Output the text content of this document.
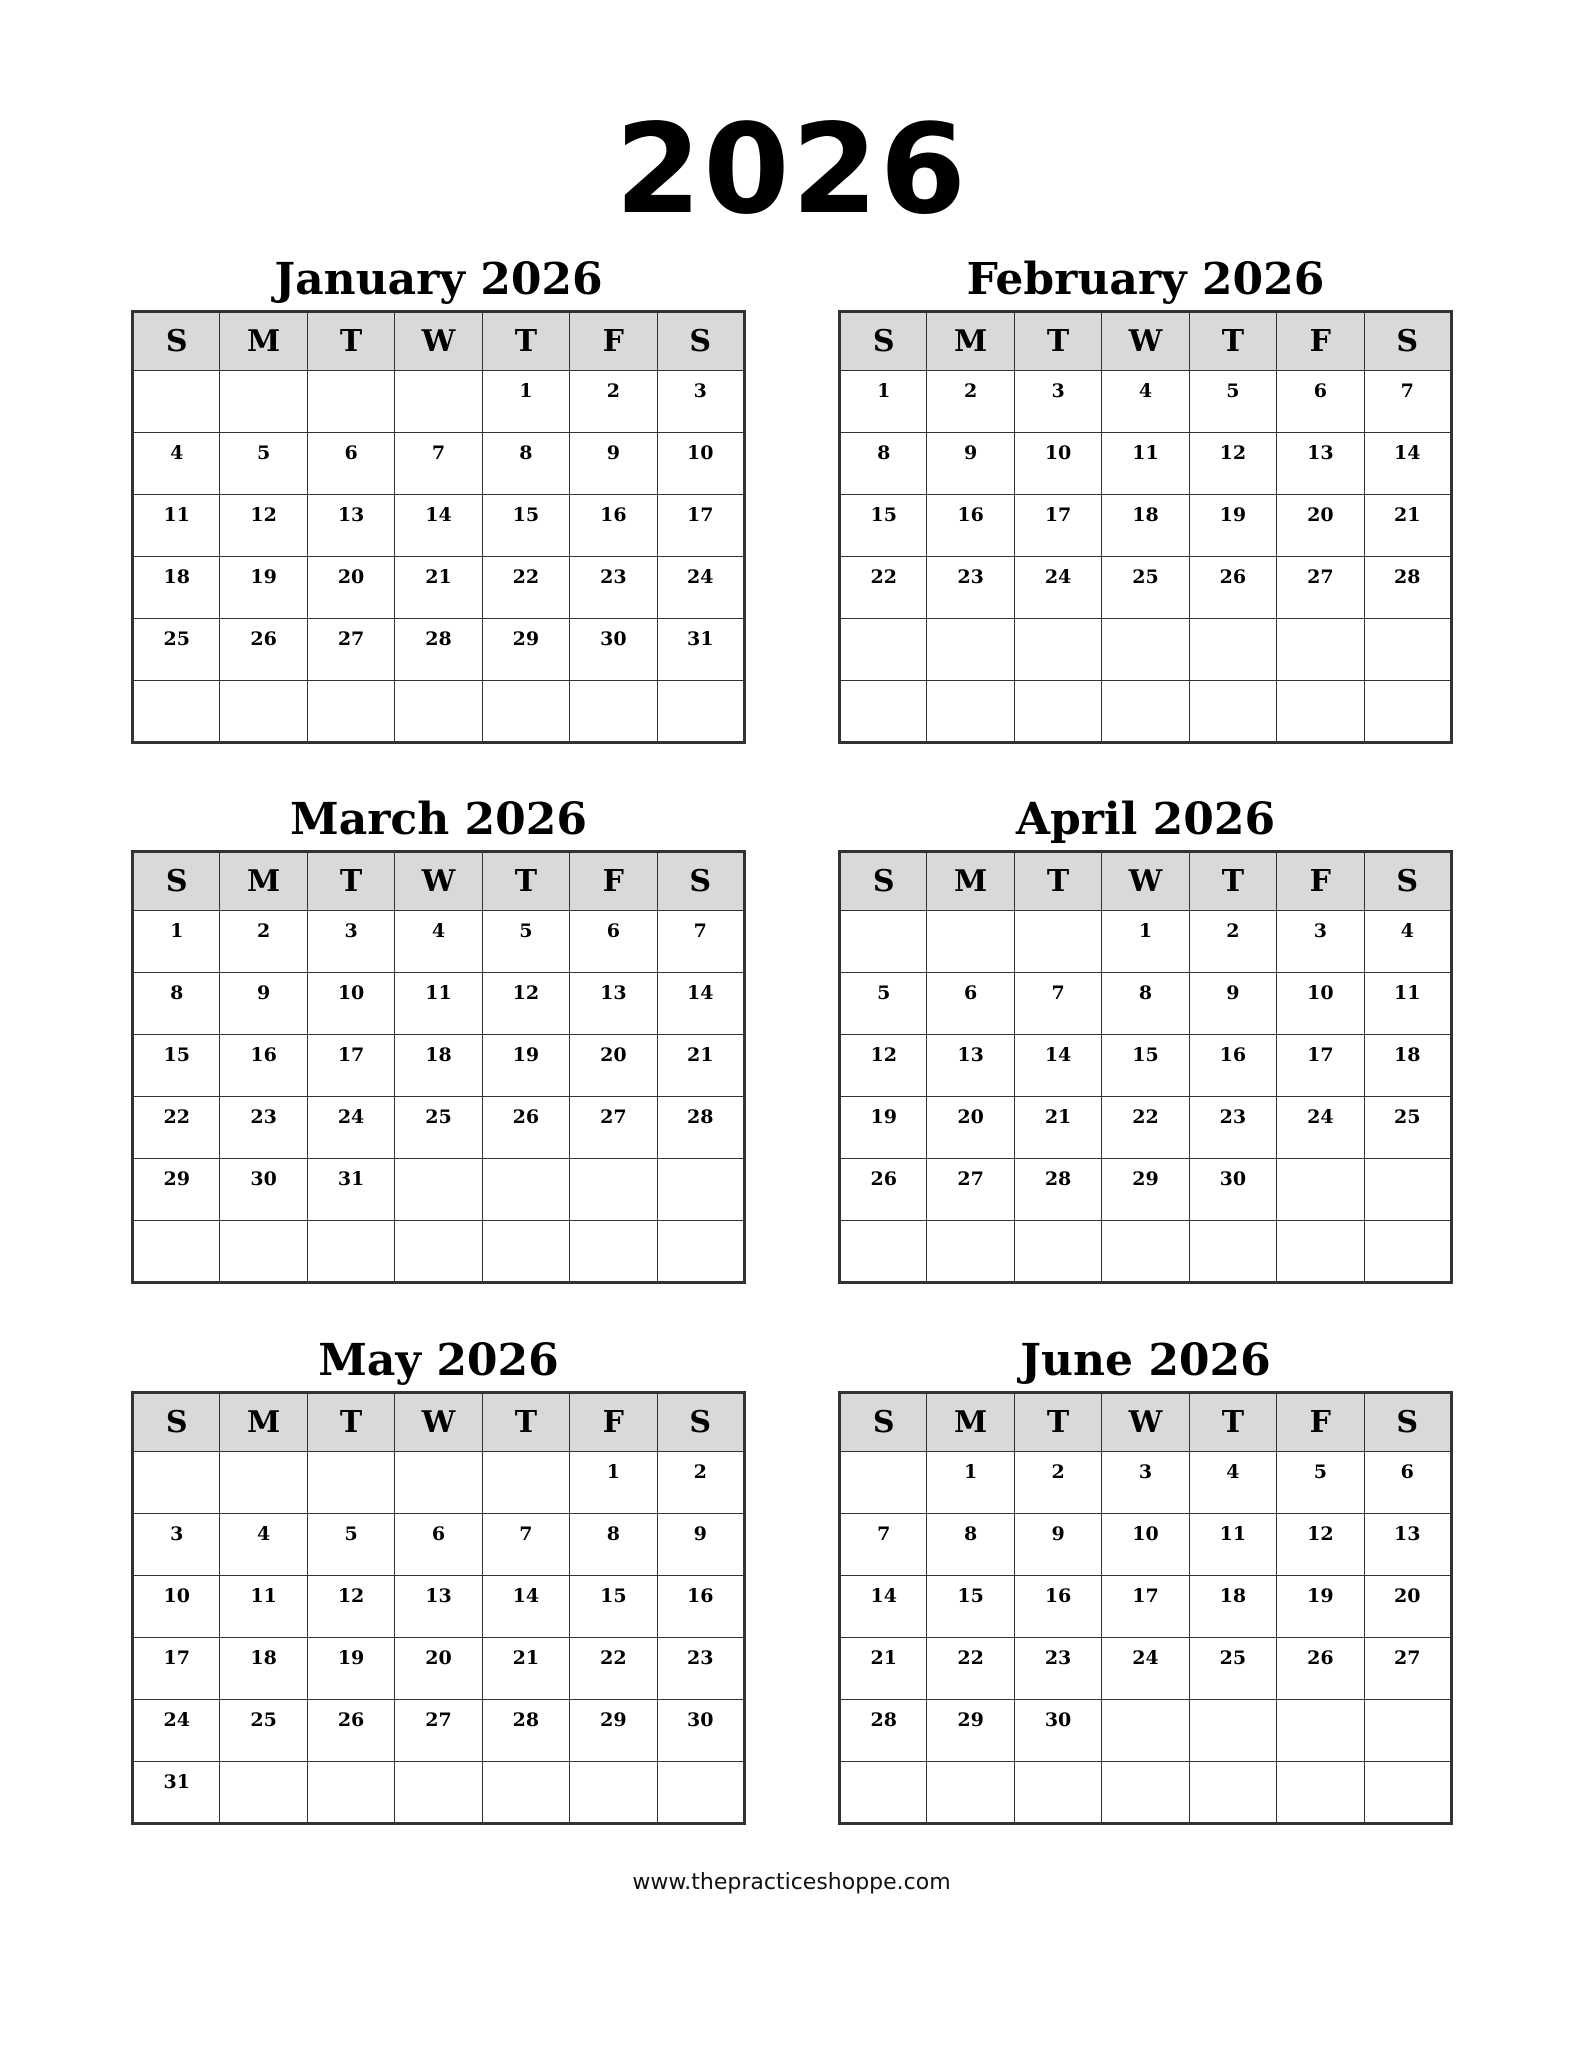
2026
January 2026
S	M	T	W	T	F	S
				1	2	3
4	5	6	7	8	9	10
11	12	13	14	15	16	17
18	19	20	21	22	23	24
25	26	27	28	29	30	31

February 2026
S	M	T	W	T	F	S
1	2	3	4	5	6	7
8	9	10	11	12	13	14
15	16	17	18	19	20	21
22	23	24	25	26	27	28

March 2026
S	M	T	W	T	F	S
1	2	3	4	5	6	7
8	9	10	11	12	13	14
15	16	17	18	19	20	21
22	23	24	25	26	27	28
29	30	31				

April 2026
S	M	T	W	T	F	S
			1	2	3	4
5	6	7	8	9	10	11
12	13	14	15	16	17	18
19	20	21	22	23	24	25
26	27	28	29	30		

May 2026
S	M	T	W	T	F	S
					1	2
3	4	5	6	7	8	9
10	11	12	13	14	15	16
17	18	19	20	21	22	23
24	25	26	27	28	29	30
31						
June 2026
S	M	T	W	T	F	S
	1	2	3	4	5	6
7	8	9	10	11	12	13
14	15	16	17	18	19	20
21	22	23	24	25	26	27
28	29	30				

www.thepracticeshoppe.com
